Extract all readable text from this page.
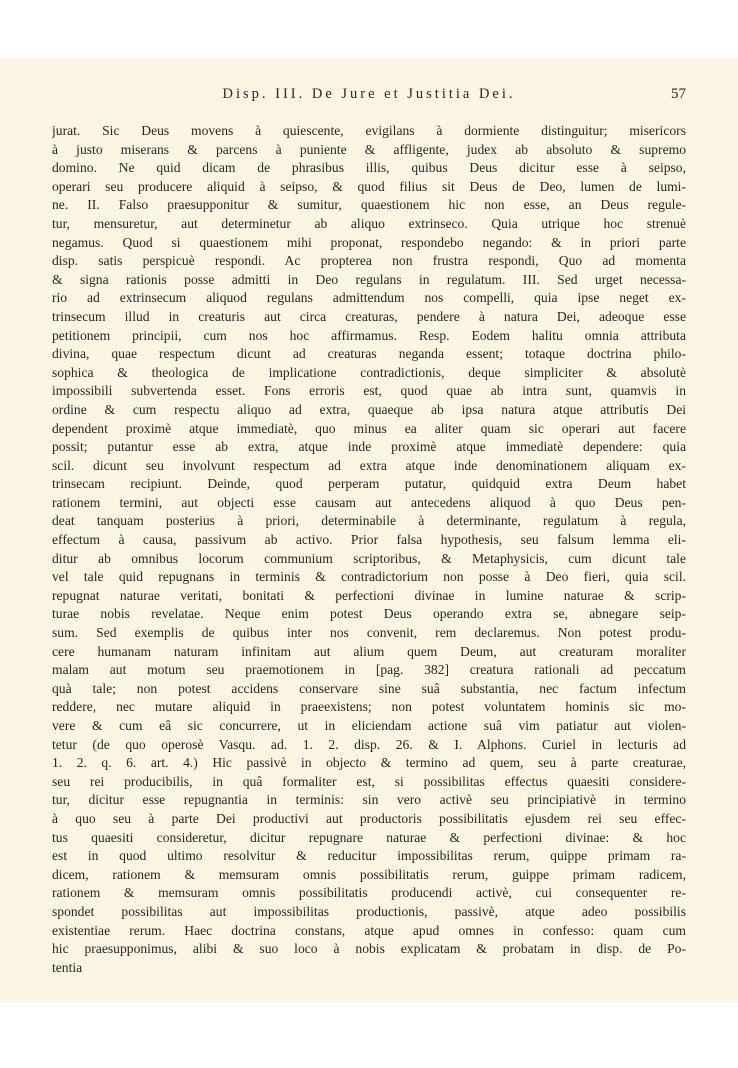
Disp. III. De Jure et Justitia Dei.	57
jurat. Sic Deus movens à quiescente, evigilans à dormiente distinguitur; misericors
à justo miserans & parcens à puniente & affligente, judex ab absoluto & supremo
domino. Ne quid dicam de phrasibus illis, quibus Deus dicitur esse à seipso,
operari seu producere aliquid à seipso, & quod filius sit Deus de Deo, lumen de lumi-
ne. II. Falso praesupponitur & sumitur, quaestionem hic non esse, an Deus regule-
tur, mensuretur, aut determinetur ab aliquo extrinseco. Quia utrique hoc strenuè
negamus. Quod si quaestionem mihi proponat, respondebo negando: & in priori parte
disp. satis perspicuè respondi. Ac propterea non frustra respondi, Quo ad momenta
& signa rationis posse admitti in Deo regulans in regulatum. III. Sed urget necessa-
rio ad extrinsecum aliquod regulans admittendum nos compelli, quia ipse neget ex-
trinsecum illud in creaturis aut circa creaturas, pendere à natura Dei, adeoque esse
petitionem principii, cum nos hoc affirmamus. Resp. Eodem halitu omnia attributa
divina, quae respectum dicunt ad creaturas neganda essent; totaque doctrina philo-
sophica & theologica de implicatione contradictionis, deque simpliciter & absolutè
impossibili subvertenda esset. Fons erroris est, quod quae ab intra sunt, quamvis in
ordine & cum respectu aliquo ad extra, quaeque ab ipsa natura atque attributis Dei
dependent proximè atque immediatè, quo minus ea aliter quam sic operari aut facere
possit; putantur esse ab extra, atque inde proximè atque immediatè dependere: quia
scil. dicunt seu involvunt respectum ad extra atque inde denominationem aliquam ex-
trinsecam recipiunt. Deinde, quod perperam putatur, quidquid extra Deum habet
rationem termini, aut objecti esse causam aut antecedens aliquod à quo Deus pen-
deat tanquam posterius à priori, determinabile à determinante, regulatum à regula,
effectum à causa, passivum ab activo. Prior falsa hypothesis, seu falsum lemma eli-
ditur ab omnibus locorum communium scriptoribus, & Metaphysicis, cum dicunt tale
vel tale quid repugnans in terminis & contradictorium non posse à Deo fieri, quia scil.
repugnat naturae veritati, bonitati & perfectioni divinae in lumine naturae & scrip-
turae nobis revelatae. Neque enim potest Deus operando extra se, abnegare seip-
sum. Sed exemplis de quibus inter nos convenit, rem declaremus. Non potest produ-
cere humanam naturam infinitam aut alium quem Deum, aut creaturam moraliter
malam aut motum seu praemotionem in [pag. 382] creatura rationali ad peccatum
quà tale; non potest accidens conservare sine suâ substantia, nec factum infectum
reddere, nec mutare aliquid in praeexistens; non potest voluntatem hominis sic mo-
vere & cum eâ sic concurrere, ut in eliciendam actione suâ vim patiatur aut violen-
tetur (de quo operosè Vasqu. ad. 1. 2. disp. 26. & I. Alphons. Curiel in lecturis ad
1. 2. q. 6. art. 4.) Hic passivè in objecto & termino ad quem, seu à parte creaturae,
seu rei producibilis, in quâ formaliter est, si possibilitas effectus quaesiti considere-
tur, dicitur esse repugnantia in terminis: sin vero activè seu principiativè in termino
à quo seu à parte Dei productivi aut productoris possibilitatis ejusdem rei seu effec-
tus quaesiti consideretur, dicitur repugnare naturae & perfectioni divinae: & hoc
est in quod ultimo resolvitur & reducitur impossibilitas rerum, quippe primam ra-
dicem, rationem & memsuram omnis possibilitatis rerum, guippe primam radicem,
rationem & memsuram omnis possibilitatis producendi activè, cui consequenter re-
spondet possibilitas aut impossibilitas productionis, passivè, atque adeo possibilis
existentiae rerum. Haec doctrina constans, atque apud omnes in confesso: quam cum
hic praesupponimus, alibi & suo loco à nobis explicatam & probatam in disp. de Po-
tentia
